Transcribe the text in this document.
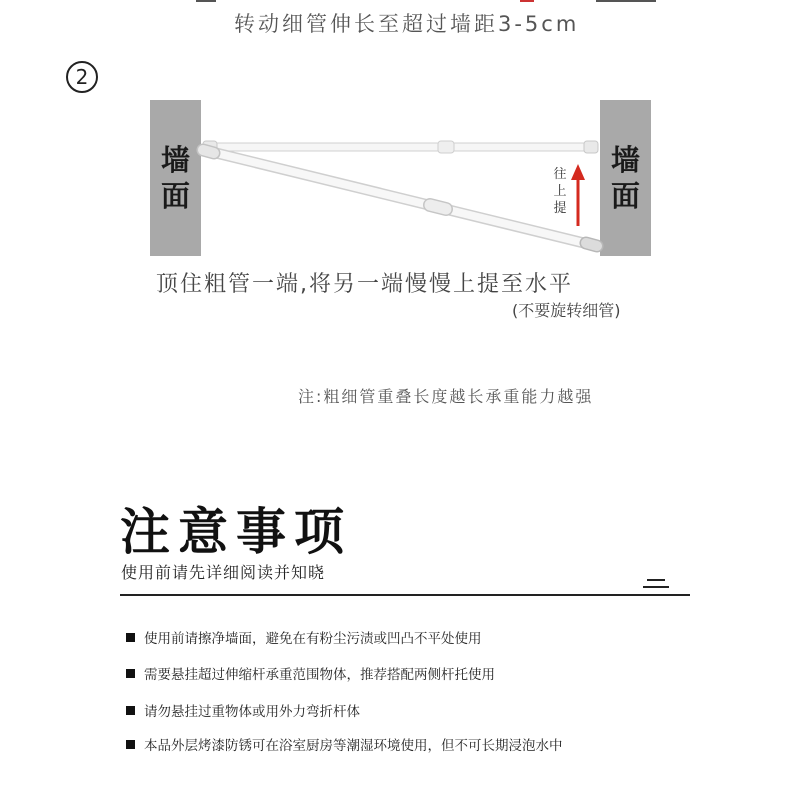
转动细管伸长至超过墙距3-5cm
2
墙
面
墙
面
往
上
提
顶住粗管一端,将另一端慢慢上提至水平
(不要旋转细管)
注:粗细管重叠长度越长承重能力越强
注意事项
使用前请先详细阅读并知晓
使用前请擦净墙面，避免在有粉尘污渍或凹凸不平处使用
需要悬挂超过伸缩杆承重范围物体，推荐搭配两侧杆托使用
请勿悬挂过重物体或用外力弯折杆体
本品外层烤漆防锈可在浴室厨房等潮湿环境使用，但不可长期浸泡水中
